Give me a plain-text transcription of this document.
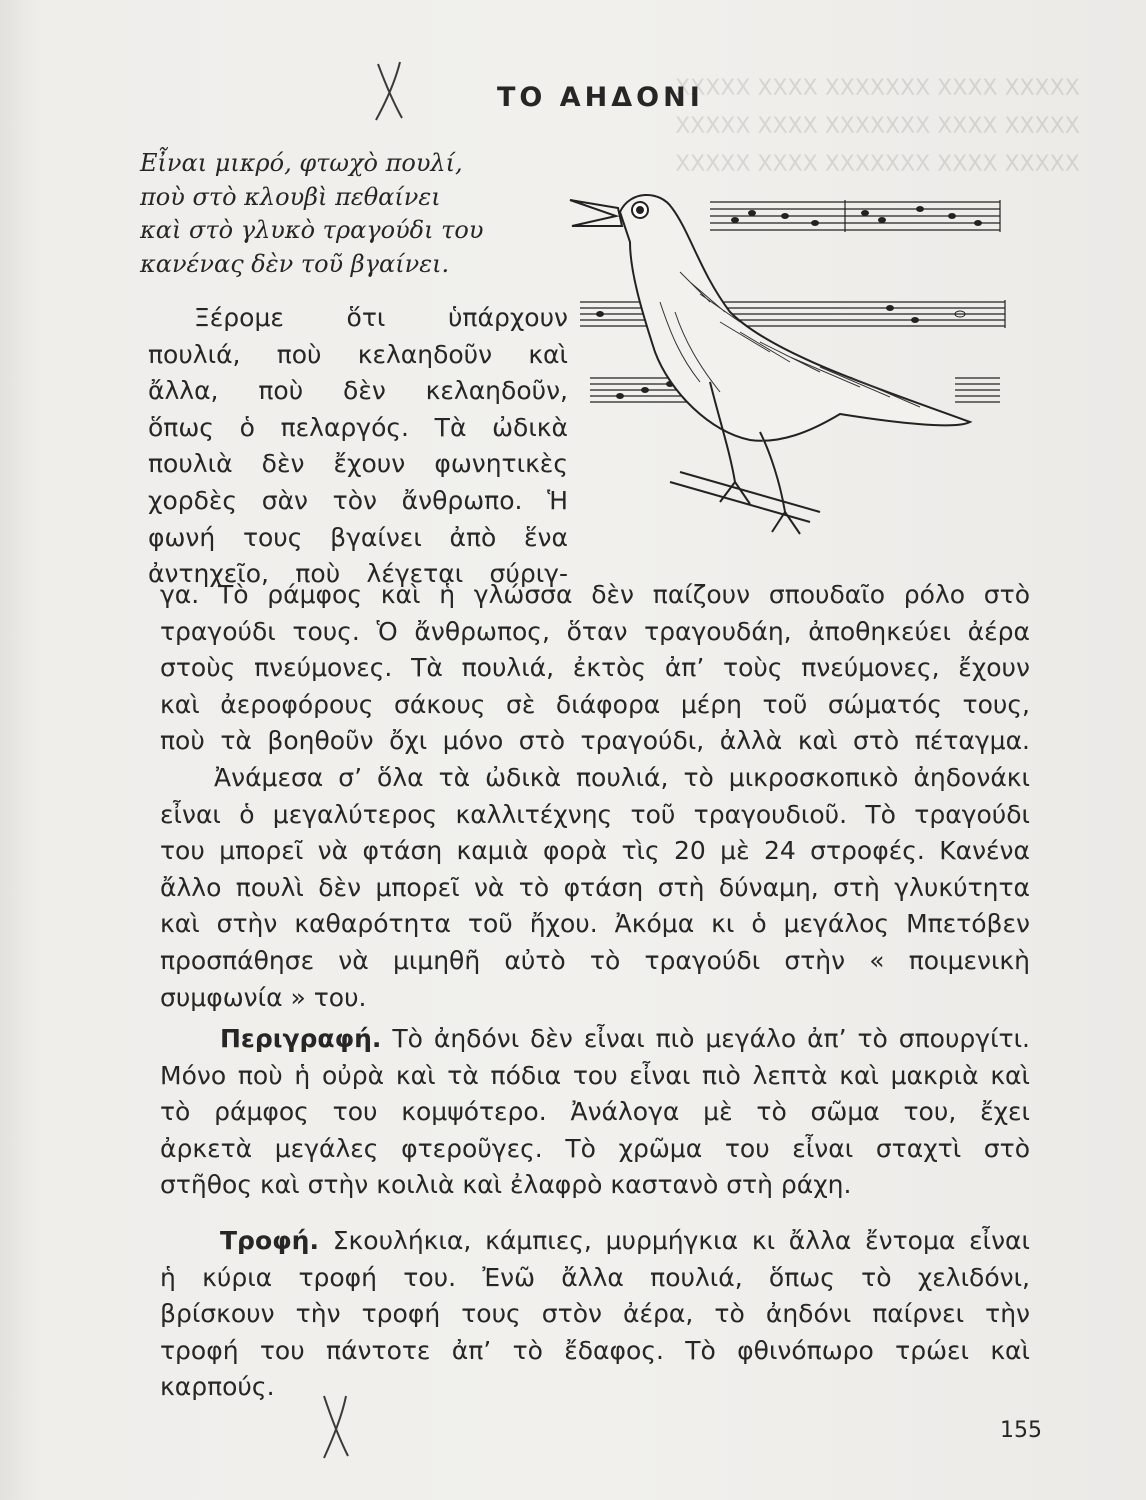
ΧΧΧΧΧ ΧΧΧΧ ΧΧΧΧΧΧΧ ΧΧΧΧ ΧΧΧΧΧ
ΧΧΧΧΧ ΧΧΧΧ ΧΧΧΧΧΧΧ ΧΧΧΧ ΧΧΧΧΧ
ΧΧΧΧΧ ΧΧΧΧ ΧΧΧΧΧΧΧ ΧΧΧΧ ΧΧΧΧΧ
ΤΟ ΑΗΔΟΝΙ
Εἶναι μικρό, φτωχὸ πουλί,
ποὺ στὸ κλουβὶ πεθαίνει
καὶ στὸ γλυκὸ τραγούδι του
κανένας δὲν τοῦ βγαίνει.
Ξέρομε ὅτι ὑπάρχουν
πουλιά, ποὺ κελαηδοῦν καὶ
ἄλλα, ποὺ δὲν κελαηδοῦν,
ὅπως ὁ πελαργός. Τὰ ὠδικὰ
πουλιὰ δὲν ἔχουν φωνητικὲς
χορδὲς σὰν τὸν ἄνθρωπο. Ἡ
φωνή τους βγαίνει ἀπὸ ἕνα
ἀντηχεῖο, ποὺ λέγεται σύριγ-
γα. Τὸ ράμφος καὶ ἡ γλώσσα δὲν παίζουν σπουδαῖο ρόλο στὸ
τραγούδι τους. Ὁ ἄνθρωπος, ὅταν τραγουδάη, ἀποθηκεύει ἀέρα
στοὺς πνεύμονες. Τὰ πουλιά, ἐκτὸς ἀπ’ τοὺς πνεύμονες, ἔχουν
καὶ ἀεροφόρους σάκους σὲ διάφορα μέρη τοῦ σώματός τους,
ποὺ τὰ βοηθοῦν ὄχι μόνο στὸ τραγούδι, ἀλλὰ καὶ στὸ πέταγμα.
Ἀνάμεσα σ’ ὅλα τὰ ὠδικὰ πουλιά, τὸ μικροσκοπικὸ ἀηδονάκι
εἶναι ὁ μεγαλύτερος καλλιτέχνης τοῦ τραγουδιοῦ. Τὸ τραγούδι
του μπορεῖ νὰ φτάση καμιὰ φορὰ τὶς 20 μὲ 24 στροφές. Κανένα
ἄλλο πουλὶ δὲν μπορεῖ νὰ τὸ φτάση στὴ δύναμη, στὴ γλυκύτητα
καὶ στὴν καθαρότητα τοῦ ἤχου. Ἀκόμα κι ὁ μεγάλος Μπετόβεν
προσπάθησε νὰ μιμηθῆ αὐτὸ τὸ τραγούδι στὴν « ποιμενικὴ
συμφωνία » του.
Περιγραφή. Τὸ ἀηδόνι δὲν εἶναι πιὸ μεγάλο ἀπ’ τὸ σπουργίτι.
Μόνο ποὺ ἡ οὐρὰ καὶ τὰ πόδια του εἶναι πιὸ λεπτὰ καὶ μακριὰ καὶ
τὸ ράμφος του κομψότερο. Ἀνάλογα μὲ τὸ σῶμα του, ἔχει
ἀρκετὰ μεγάλες φτεροῦγες. Τὸ χρῶμα του εἶναι σταχτὶ στὸ
στῆθος καὶ στὴν κοιλιὰ καὶ ἐλαφρὸ καστανὸ στὴ ράχη.
Τροφή. Σκουλήκια, κάμπιες, μυρμήγκια κι ἄλλα ἔντομα εἶναι
ἡ κύρια τροφή του. Ἐνῶ ἄλλα πουλιά, ὅπως τὸ χελιδόνι,
βρίσκουν τὴν τροφή τους στὸν ἀέρα, τὸ ἀηδόνι παίρνει τὴν
τροφή του πάντοτε ἀπ’ τὸ ἔδαφος. Τὸ φθινόπωρο τρώει καὶ
καρπούς.
155
